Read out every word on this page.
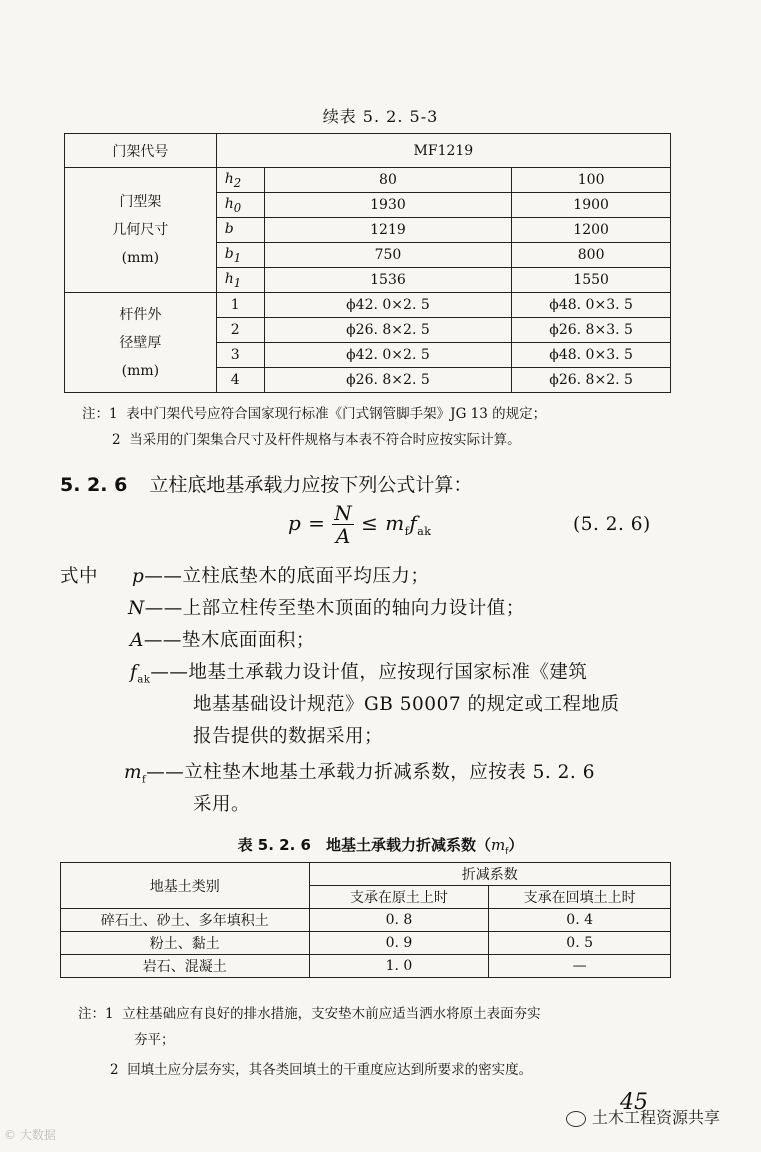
续表 5. 2. 5-3
门架代号	MF1219		

门型架
几何尺寸
(mm)	$h_2$	80	100
	$h_0$	1930	1900
	b	1219	1200
	$b_1$	750	800
	$h_1$	1536	1550

杆件外
径壁厚
(mm)	1	ϕ42. 0×2. 5	ϕ48. 0×3. 5
	2	ϕ26. 8×2. 5	ϕ26. 8×3. 5
	3	ϕ42. 0×2. 5	ϕ48. 0×3. 5
	4	ϕ26. 8×2. 5	ϕ26. 8×2. 5
注：1 表中门架代号应符合国家现行标准《门式钢管脚手架》JG 13 的规定；
2 当采用的门架集合尺寸及杆件规格与本表不符合时应按实际计算。
5. 2. 6 立柱底地基承载力应按下列公式计算：
$p = \frac{N}{A} \le m_ff_{ak}$	(5. 2. 6)
式中 p——立柱底垫木的底面平均压力；
N——上部立柱传至垫木顶面的轴向力设计值；
A——垫木底面面积；
$f_{ak}——$地基土承载力设计值，应按现行国家标准《建筑
地基基础设计规范》GB 50007 的规定或工程地质
报告提供的数据采用；
$m_f——$立柱垫木地基土承载力折减系数，应按表 5. 2. 6
采用。
表 5. 2. 6　地基土承载力折减系数$(m_f)$
地基土类别	折减系数	
	支承在原土上时	支承在回填土上时
碎石土、砂土、多年填积土	0. 8	0. 4
粉土、黏土	0. 9	0. 5
岩石、混凝土	1. 0	—
注：1 立柱基础应有良好的排水措施，支安垫木前应适当洒水将原土表面夯实
夯平；
2 回填土应分层夯实，其各类回填土的干重度应达到所要求的密实度。
45
土木工程资源共享
© 大数据
